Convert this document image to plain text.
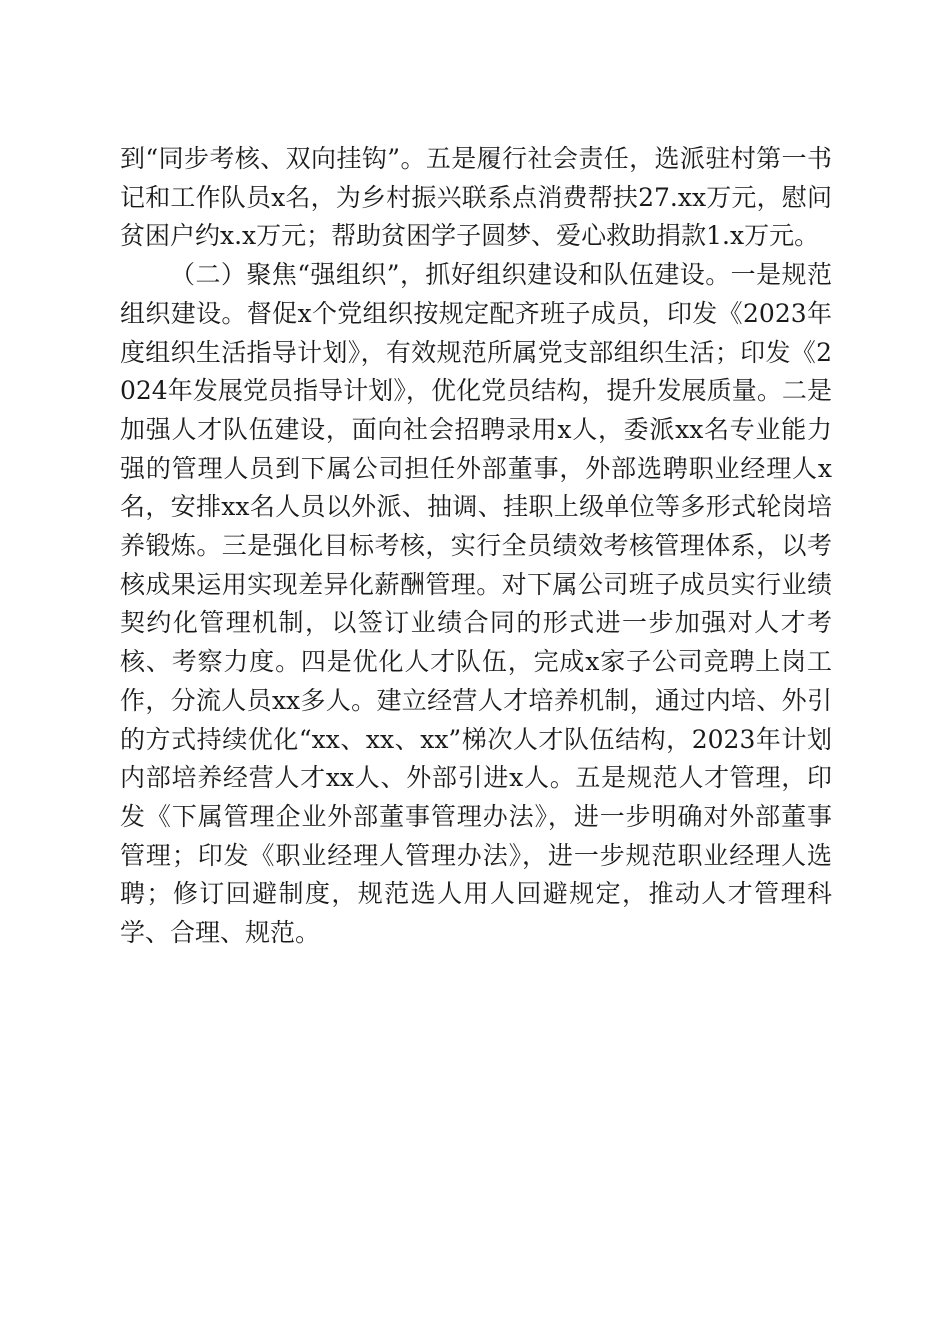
到“同步考核、双向挂钩”。五是履行社会责任，选派驻村第一书记和工作队员x名，为乡村振兴联系点消费帮扶27.xx万元，慰问贫困户约x.x万元；帮助贫困学子圆梦、爱心救助捐款1.x万元。

（二）聚焦“强组织”，抓好组织建设和队伍建设。一是规范组织建设。督促x个党组织按规定配齐班子成员，印发《2023年度组织生活指导计划》，有效规范所属党支部组织生活；印发《2024年发展党员指导计划》，优化党员结构，提升发展质量。二是加强人才队伍建设，面向社会招聘录用x人，委派xx名专业能力强的管理人员到下属公司担任外部董事，外部选聘职业经理人x名，安排xx名人员以外派、抽调、挂职上级单位等多形式轮岗培养锻炼。三是强化目标考核，实行全员绩效考核管理体系，以考核成果运用实现差异化薪酬管理。对下属公司班子成员实行业绩契约化管理机制，以签订业绩合同的形式进一步加强对人才考核、考察力度。四是优化人才队伍，完成x家子公司竞聘上岗工作，分流人员xx多人。建立经营人才培养机制，通过内培、外引的方式持续优化“xx、xx、xx”梯次人才队伍结构，2023年计划内部培养经营人才xx人、外部引进x人。五是规范人才管理，印发《下属管理企业外部董事管理办法》，进一步明确对外部董事管理；印发《职业经理人管理办法》，进一步规范职业经理人选聘；修订回避制度，规范选人用人回避规定，推动人才管理科学、合理、规范。
